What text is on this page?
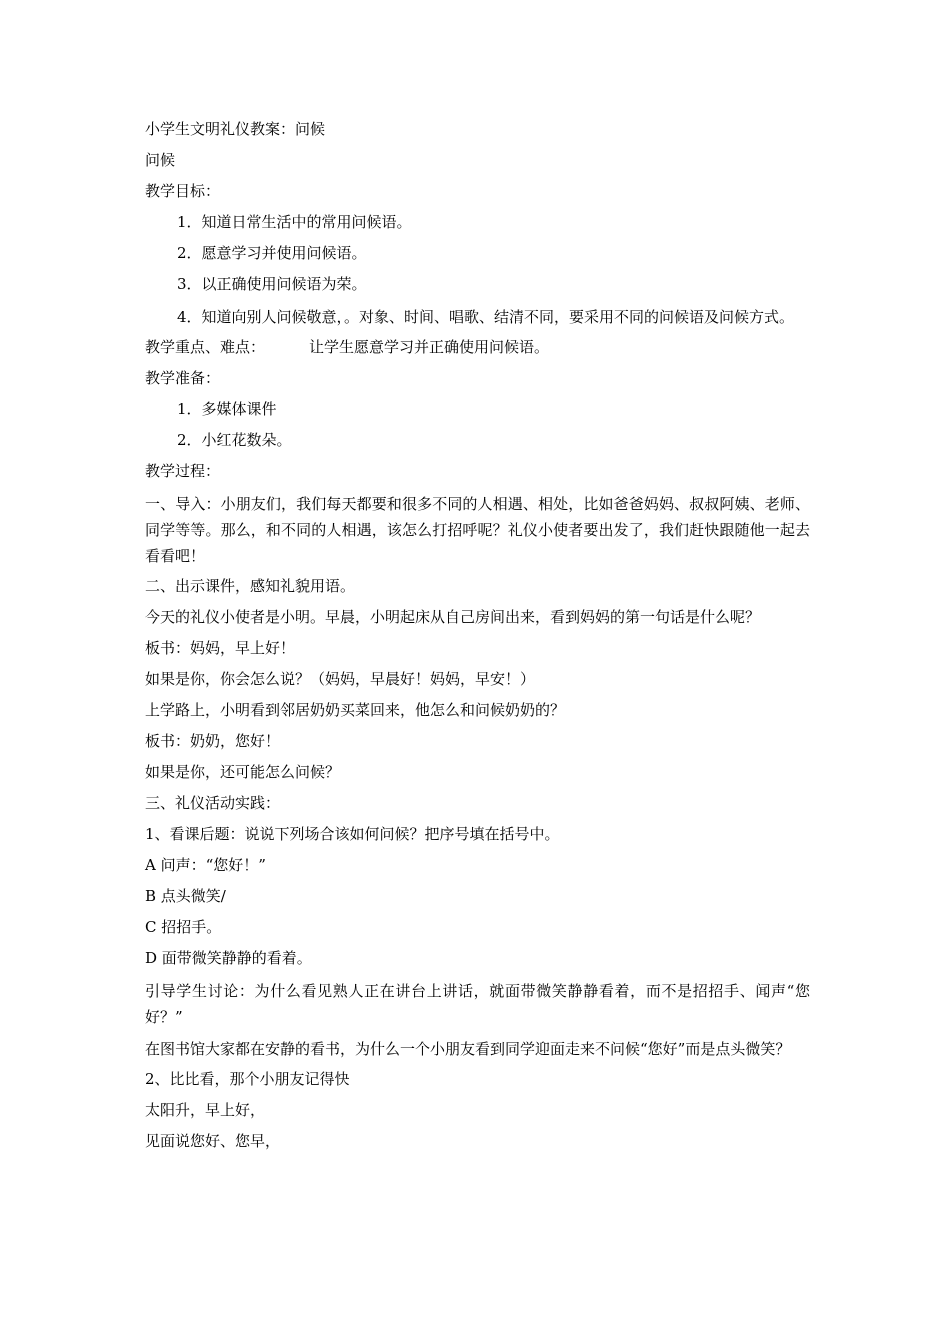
小学生文明礼仪教案：问候
问候
教学目标：
1．知道日常生活中的常用问候语。
2．愿意学习并使用问候语。
3．以正确使用问候语为荣。
4．知道向别人问候敬意，。对象、时间、唱歌、结清不同，要采用不同的问候语及问候方式。
教学重点、难点：	让学生愿意学习并正确使用问候语。
教学准备：
1．多媒体课件
2．小红花数朵。
教学过程：
一、导入：小朋友们，我们每天都要和很多不同的人相遇、相处，比如爸爸妈妈、叔叔阿姨、老师、同学等等。那么，和不同的人相遇，该怎么打招呼呢？礼仪小使者要出发了，我们赶快跟随他一起去看看吧！
二、出示课件，感知礼貌用语。
今天的礼仪小使者是小明。早晨，小明起床从自己房间出来，看到妈妈的第一句话是什么呢？
板书：妈妈，早上好！
如果是你，你会怎么说？（妈妈，早晨好！妈妈，早安！）
上学路上，小明看到邻居奶奶买菜回来，他怎么和问候奶奶的？
板书：奶奶，您好！
如果是你，还可能怎么问候？
三、礼仪活动实践：
1、看课后题：说说下列场合该如何问候？把序号填在括号中。
A 问声：“您好！”
B 点头微笑/
C 招招手。
D 面带微笑静静的看着。
引导学生讨论：为什么看见熟人正在讲台上讲话，就面带微笑静静看着，而不是招招手、闻声“您好？”
在图书馆大家都在安静的看书，为什么一个小朋友看到同学迎面走来不问候“您好”而是点头微笑？
2、比比看，那个小朋友记得快
太阳升，早上好，
见面说您好、您早，
